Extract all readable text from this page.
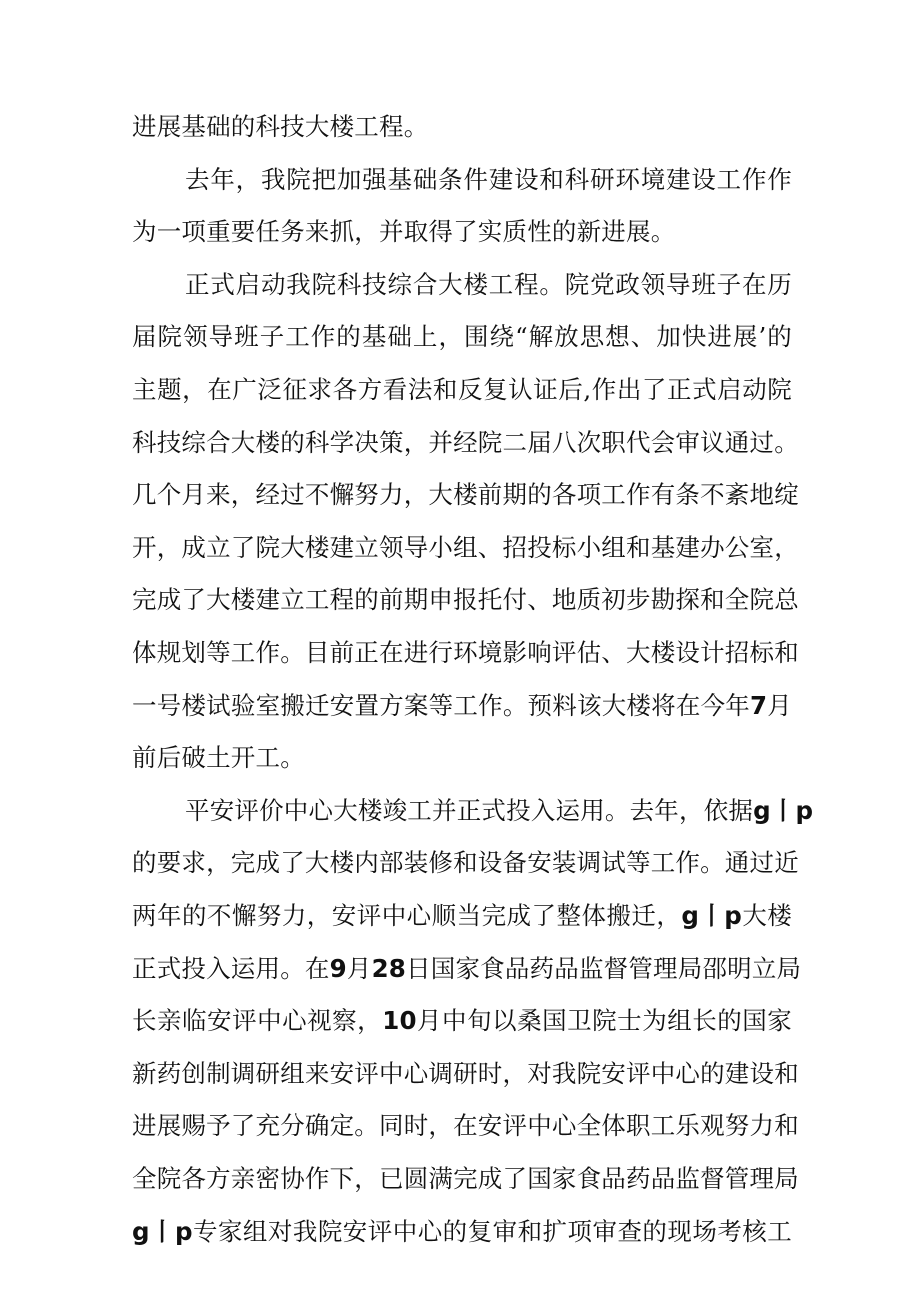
进展基础的科技大楼工程。
去年，我院把加强基础条件建设和科研环境建设工作作
为一项重要任务来抓，并取得了实质性的新进展。
正式启动我院科技综合大楼工程。院党政领导班子在历
届院领导班子工作的基础上，围绕“解放思想、加快进展’的
主题，在广泛征求各方看法和反复认证后,作出了正式启动院
科技综合大楼的科学决策，并经院二届八次职代会审议通过。
几个月来，经过不懈努力，大楼前期的各项工作有条不紊地绽
开，成立了院大楼建立领导小组、招投标小组和基建办公室，
完成了大楼建立工程的前期申报托付、地质初步勘探和全院总
体规划等工作。目前正在进行环境影响评估、大楼设计招标和
一号楼试验室搬迁安置方案等工作。预料该大楼将在今年7月
前后破土开工。
平安评价中心大楼竣工并正式投入运用。去年，依据g丨p
的要求，完成了大楼内部装修和设备安装调试等工作。通过近
两年的不懈努力，安评中心顺当完成了整体搬迁，g丨p大楼
正式投入运用。在9月28日国家食品药品监督管理局邵明立局
长亲临安评中心视察，10月中旬以桑国卫院士为组长的国家
新药创制调研组来安评中心调研时，对我院安评中心的建设和
进展赐予了充分确定。同时，在安评中心全体职工乐观努力和
全院各方亲密协作下，已圆满完成了国家食品药品监督管理局
g丨p专家组对我院安评中心的复审和扩项审查的现场考核工
